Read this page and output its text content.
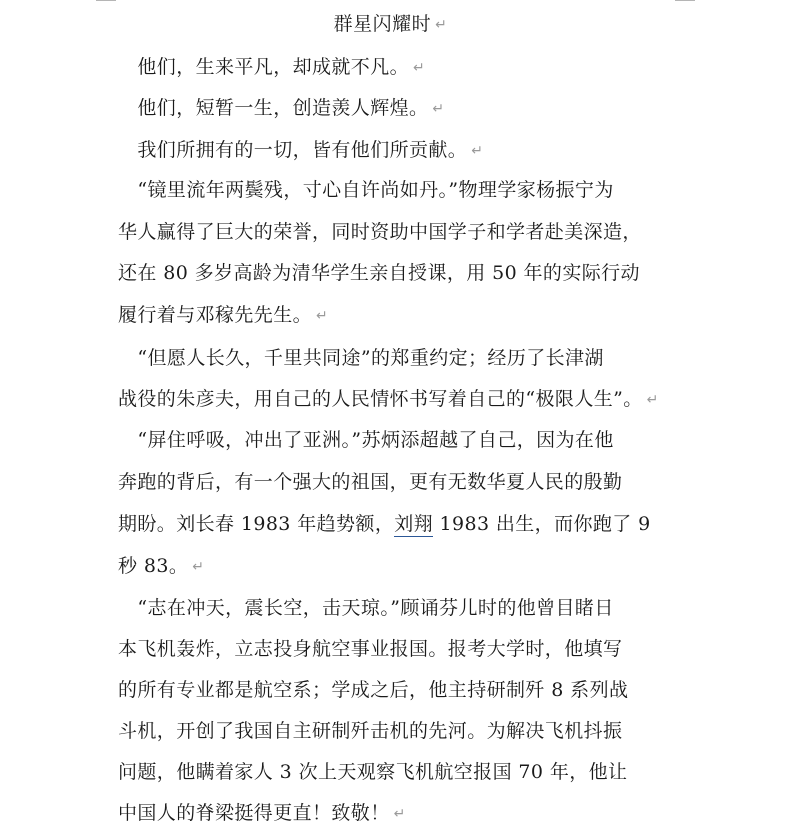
群星闪耀时 ↵
　他们，生来平凡，却成就不凡。 ↵
　他们，短暂一生，创造羡人辉煌。 ↵
　我们所拥有的一切，皆有他们所贡献。 ↵
　“镜里流年两鬓残，寸心自许尚如丹。”物理学家杨振宁为
华人赢得了巨大的荣誉，同时资助中国学子和学者赴美深造，
还在 80 多岁高龄为清华学生亲自授课，用 50 年的实际行动
履行着与邓稼先先生。 ↵
　“但愿人长久，千里共同途”的郑重约定；经历了长津湖
战役的朱彦夫，用自己的人民情怀书写着自己的“极限人生”。 ↵
　“屏住呼吸，冲出了亚洲。”苏炳添超越了自己，因为在他
奔跑的背后，有一个强大的祖国，更有无数华夏人民的殷勤
期盼。刘长春 1983 年趋势额，刘翔 1983 出生，而你跑了 9
秒 83。 ↵
　“志在冲天，震长空，击天琼。”顾诵芬儿时的他曾目睹日
本飞机轰炸，立志投身航空事业报国。报考大学时，他填写
的所有专业都是航空系；学成之后，他主持研制歼 8 系列战
斗机，开创了我国自主研制歼击机的先河。为解决飞机抖振
问题，他瞒着家人 3 次上天观察飞机航空报国 70 年，他让
中国人的脊梁挺得更直！致敬！ ↵
